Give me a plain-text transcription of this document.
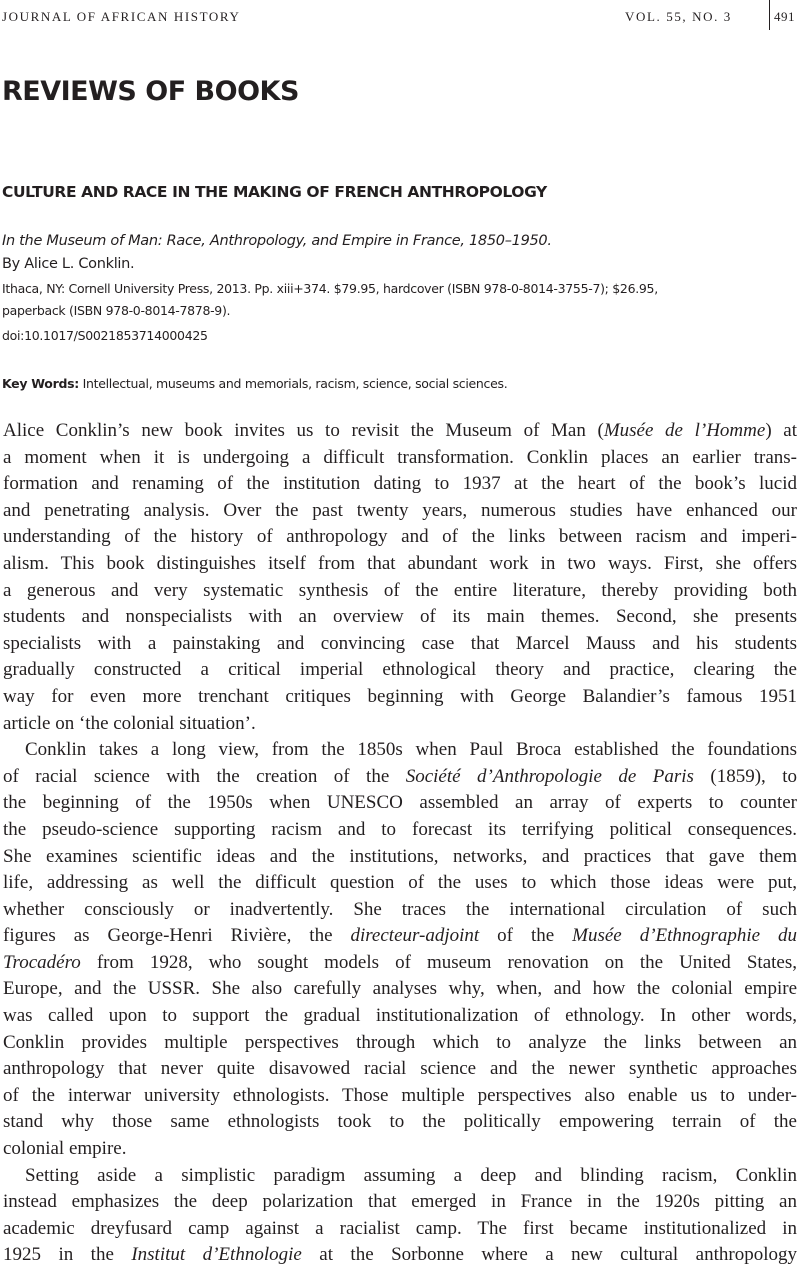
JOURNAL OF AFRICAN HISTORY	VOL. 55, NO. 3	491
REVIEWS OF BOOKS
CULTURE AND RACE IN THE MAKING OF FRENCH ANTHROPOLOGY
In the Museum of Man: Race, Anthropology, and Empire in France, 1850–1950.
By Alice L. Conklin.
Ithaca, NY: Cornell University Press, 2013. Pp. xiii+374. $79.95, hardcover (ISBN 978-0-8014-3755-7); $26.95,
paperback (ISBN 978-0-8014-7878-9).
doi:10.1017/S0021853714000425
Key Words: Intellectual, museums and memorials, racism, science, social sciences.
Alice Conklin’s new book invites us to revisit the Museum of Man (Musée de l’Homme) at
a moment when it is undergoing a difficult transformation. Conklin places an earlier trans-
formation and renaming of the institution dating to 1937 at the heart of the book’s lucid
and penetrating analysis. Over the past twenty years, numerous studies have enhanced our
understanding of the history of anthropology and of the links between racism and imperi-
alism. This book distinguishes itself from that abundant work in two ways. First, she offers
a generous and very systematic synthesis of the entire literature, thereby providing both
students and nonspecialists with an overview of its main themes. Second, she presents
specialists with a painstaking and convincing case that Marcel Mauss and his students
gradually constructed a critical imperial ethnological theory and practice, clearing the
way for even more trenchant critiques beginning with George Balandier’s famous 1951
article on ‘the colonial situation’.
Conklin takes a long view, from the 1850s when Paul Broca established the foundations
of racial science with the creation of the Société d’Anthropologie de Paris (1859), to
the beginning of the 1950s when UNESCO assembled an array of experts to counter
the pseudo-science supporting racism and to forecast its terrifying political consequences.
She examines scientific ideas and the institutions, networks, and practices that gave them
life, addressing as well the difficult question of the uses to which those ideas were put,
whether consciously or inadvertently. She traces the international circulation of such
figures as George-Henri Rivière, the directeur-adjoint of the Musée d’Ethnographie du
Trocadéro from 1928, who sought models of museum renovation on the United States,
Europe, and the USSR. She also carefully analyses why, when, and how the colonial empire
was called upon to support the gradual institutionalization of ethnology. In other words,
Conklin provides multiple perspectives through which to analyze the links between an
anthropology that never quite disavowed racial science and the newer synthetic approaches
of the interwar university ethnologists. Those multiple perspectives also enable us to under-
stand why those same ethnologists took to the politically empowering terrain of the
colonial empire.
Setting aside a simplistic paradigm assuming a deep and blinding racism, Conklin
instead emphasizes the deep polarization that emerged in France in the 1920s pitting an
academic dreyfusard camp against a racialist camp. The first became institutionalized in
1925 in the Institut d’Ethnologie at the Sorbonne where a new cultural anthropology
